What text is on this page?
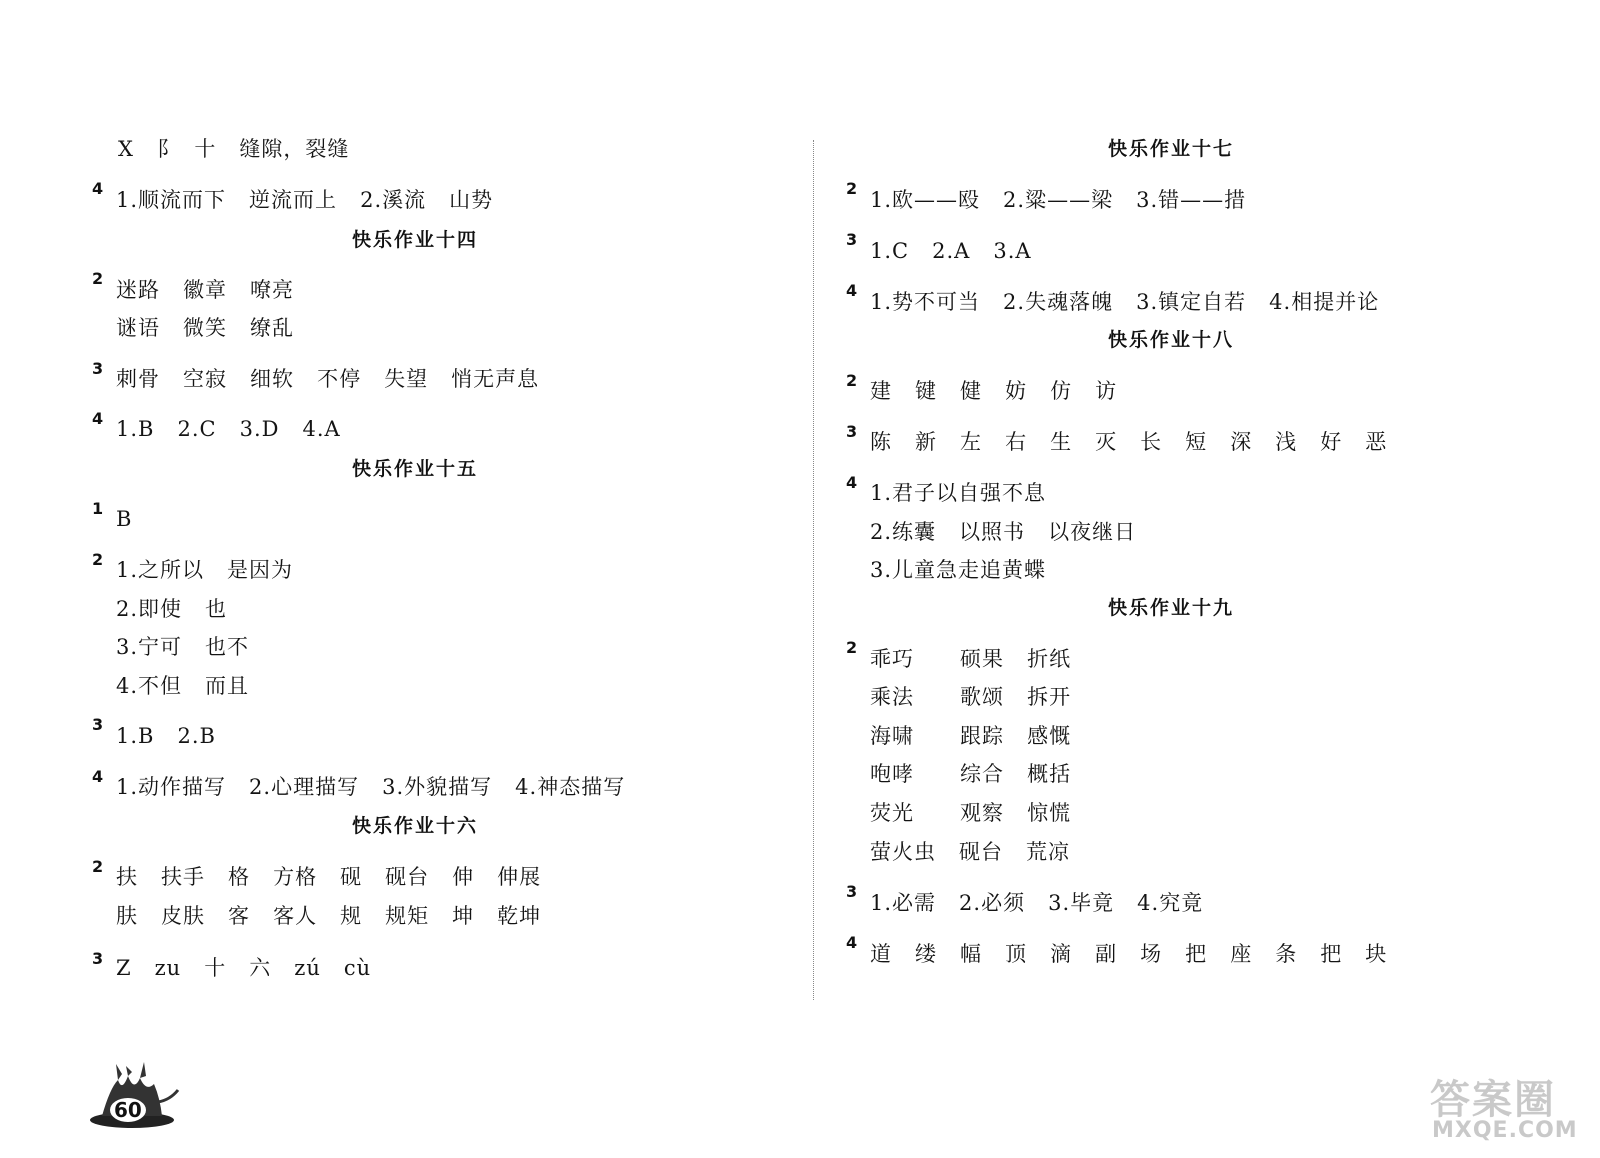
X   阝  十   缝隙，裂缝
4 1.顺流而下   逆流而上   2.溪流   山势
快乐作业十四
2 迷路   徽章   嘹亮
谜语   微笑   缭乱
3 刺骨   空寂   细软   不停   失望   悄无声息
4 1.B   2.C   3.D   4.A
快乐作业十五
1 B
2 1.之所以   是因为
2.即使   也
3.宁可   也不
4.不但   而且
3 1.B   2.B
4 1.动作描写   2.心理描写   3.外貌描写   4.神态描写
快乐作业十六
2 扶   扶手   格   方格   砚   砚台   伸   伸展
肤   皮肤   客   客人   规   规矩   坤   乾坤
3 Z   zu   十   六   zú   cù
快乐作业十七
2 1.欧——殴   2.粱——梁   3.错——措
3 1.C   2.A   3.A
4 1.势不可当   2.失魂落魄   3.镇定自若   4.相提并论
快乐作业十八
2 建   键   健   妨   仿   访
3 陈   新   左   右   生   灭   长   短   深   浅   好   恶
4 1.君子以自强不息
2.练囊   以照书   以夜继日
3.儿童急走追黄蝶
快乐作业十九
2 乖巧      硕果   折纸
乘法      歌颂   拆开
海啸      跟踪   感慨
咆哮      综合   概括
荧光      观察   惊慌
萤火虫   砚台   荒凉
3 1.必需   2.必须   3.毕竟   4.究竟
4 道   缕   幅   顶   滴   副   场   把   座   条   把   块
60	答案圈
MXQE.COM
